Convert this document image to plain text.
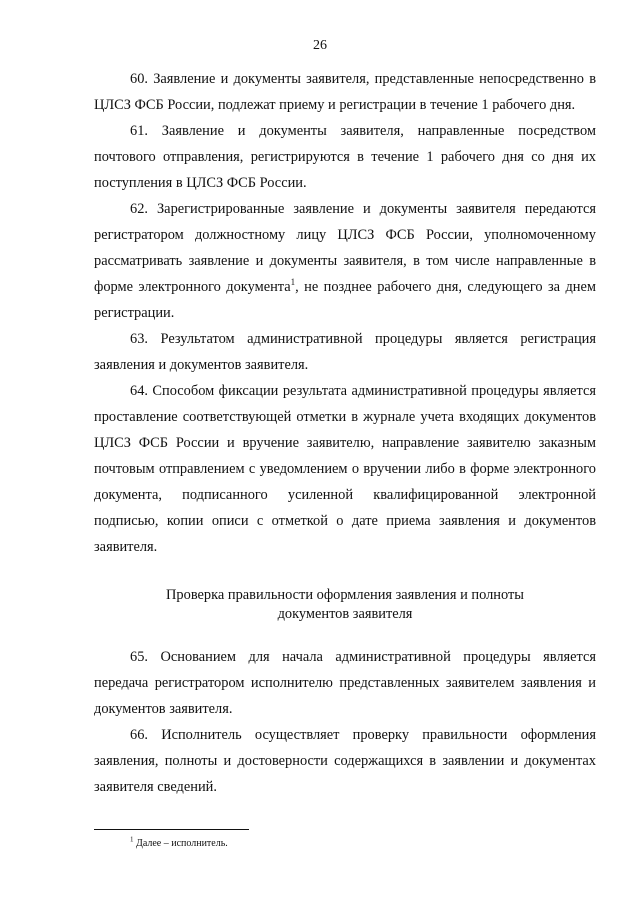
26

60. Заявление и документы заявителя, представленные непосредственно в ЦЛСЗ ФСБ России, подлежат приему и регистрации в течение 1 рабочего дня.

61. Заявление и документы заявителя, направленные посредством почтового отправления, регистрируются в течение 1 рабочего дня со дня их поступления в ЦЛСЗ ФСБ России.

62. Зарегистрированные заявление и документы заявителя передаются регистратором должностному лицу ЦЛСЗ ФСБ России, уполномоченному рассматривать заявление и документы заявителя, в том числе направленные в форме электронного документа$^1$, не позднее рабочего дня, следующего за днем регистрации.

63. Результатом административной процедуры является регистрация заявления и документов заявителя.

64. Способом фиксации результата административной процедуры является проставление соответствующей отметки в журнале учета входящих документов ЦЛСЗ ФСБ России и вручение заявителю, направление заявителю заказным почтовым отправлением с уведомлением о вручении либо в форме электронного документа, подписанного усиленной квалифицированной электронной подписью, копии описи с отметкой о дате приема заявления и документов заявителя.

Проверка правильности оформления заявления и полноты
документов заявителя

65. Основанием для начала административной процедуры является передача регистратором исполнителю представленных заявителем заявления и документов заявителя.

66. Исполнитель осуществляет проверку правильности оформления заявления, полноты и достоверности содержащихся в заявлении и документах заявителя сведений.

$^1$ Далее – исполнитель.
